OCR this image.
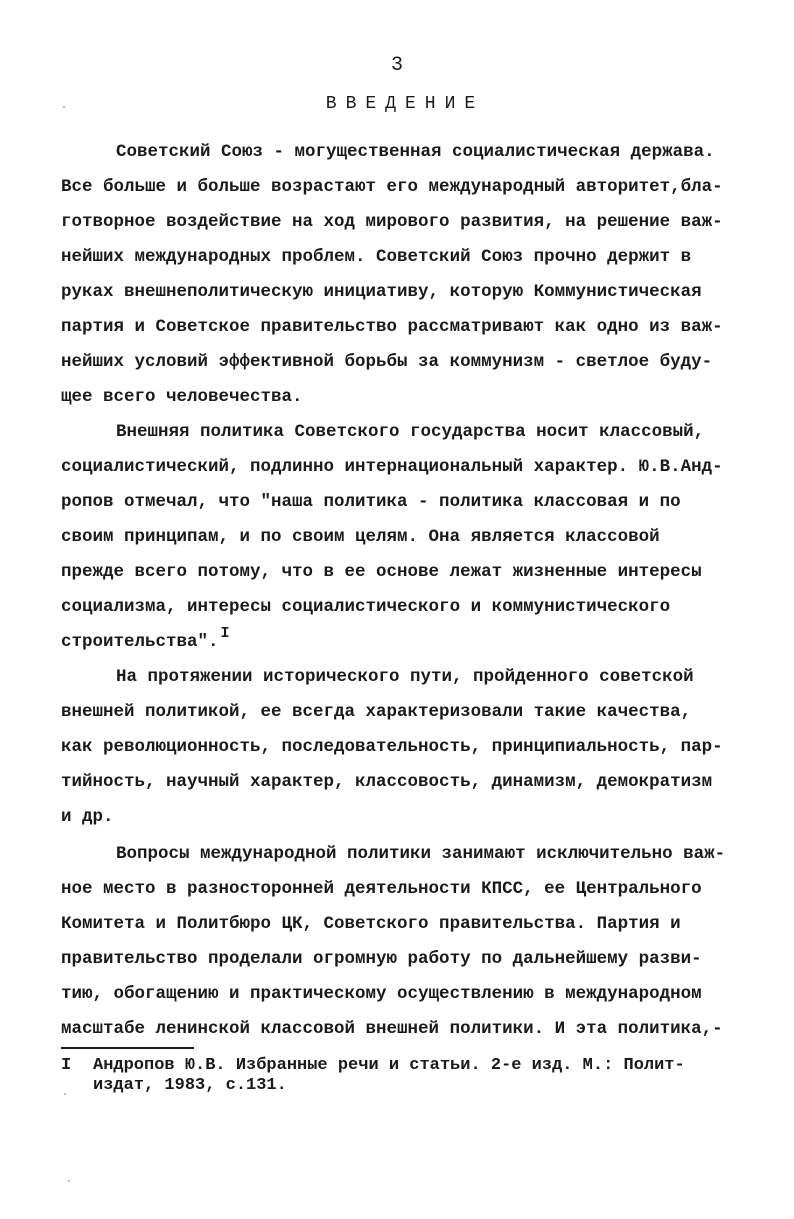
3
ВВЕДЕНИЕ
Советский Союз - могущественная социалистическая держава.
Все больше и больше возрастают его международный авторитет,бла-
готворное воздействие на ход мирового развития, на решение важ-
нейших международных проблем. Советский Союз прочно держит в
руках внешнеполитическую инициативу, которую Коммунистическая
партия и Советское правительство рассматривают как одно из важ-
нейших условий эффективной борьбы за коммунизм - светлое буду-
щее всего человечества.
Внешняя политика Советского государства носит классовый,
социалистический, подлинно интернациональный характер. Ю.В.Анд-
ропов отмечал, что "наша политика - политика классовая и по
своим принципам, и по своим целям. Она является классовой
прежде всего потому, что в ее основе лежат жизненные интересы
социализма, интересы социалистического и коммунистического
строительства". I
На протяжении исторического пути, пройденного советской
внешней политикой, ее всегда характеризовали такие качества,
как революционность, последовательность, принципиальность, пар-
тийность, научный характер, классовость, динамизм, демократизм
и др.
Вопросы международной политики занимают исключительно важ-
ное место в разносторонней деятельности КПСС, ее Центрального
Комитета и Политбюро ЦК, Советского правительства. Партия и
правительство проделали огромную работу по дальнейшему разви-
тию, обогащению и практическому осуществлению в международном
масштабе ленинской классовой внешней политики. И эта политика,-
I Андропов Ю.В. Избранные речи и статьи. 2-е изд. М.: Полит-
издат, 1983, с.131.
